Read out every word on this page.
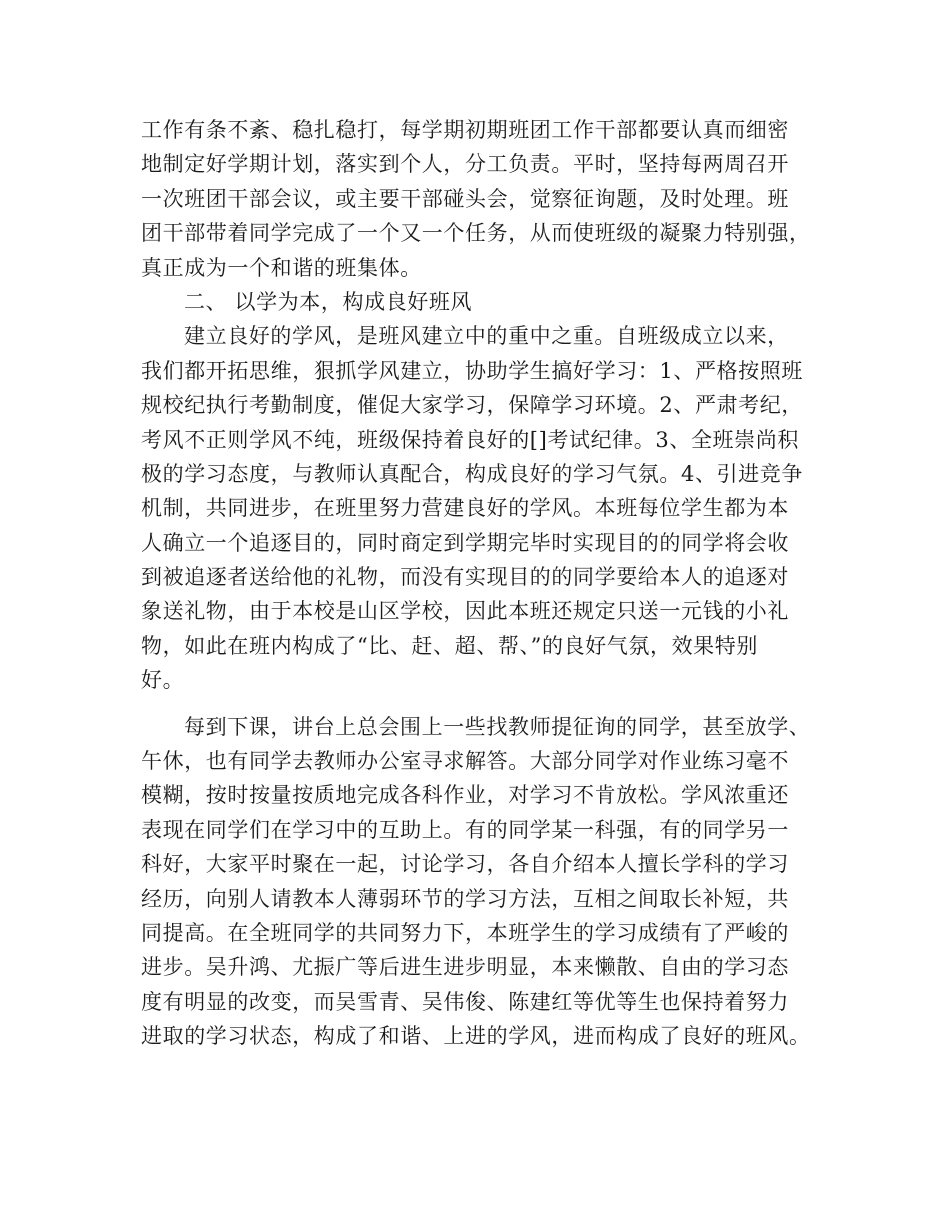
工作有条不紊、稳扎稳打，每学期初期班团工作干部都要认真而细密
地制定好学期计划，落实到个人，分工负责。平时，坚持每两周召开
一次班团干部会议，或主要干部碰头会，觉察征询题，及时处理。班
团干部带着同学完成了一个又一个任务，从而使班级的凝聚力特别强，
真正成为一个和谐的班集体。
二、 以学为本，构成良好班风
建立良好的学风，是班风建立中的重中之重。自班级成立以来，
我们都开拓思维，狠抓学风建立，协助学生搞好学习：1、严格按照班
规校纪执行考勤制度，催促大家学习，保障学习环境。2、严肃考纪，
考风不正则学风不纯，班级保持着良好的[]考试纪律。3、全班崇尚积
极的学习态度，与教师认真配合，构成良好的学习气氛。4、引进竞争
机制，共同进步，在班里努力营建良好的学风。本班每位学生都为本
人确立一个追逐目的，同时商定到学期完毕时实现目的的同学将会收
到被追逐者送给他的礼物，而没有实现目的的同学要给本人的追逐对
象送礼物，由于本校是山区学校，因此本班还规定只送一元钱的小礼
物，如此在班内构成了“比、赶、超、帮、”的良好气氛，效果特别
好。
每到下课，讲台上总会围上一些找教师提征询的同学，甚至放学、
午休，也有同学去教师办公室寻求解答。大部分同学对作业练习毫不
模糊，按时按量按质地完成各科作业，对学习不肯放松。学风浓重还
表现在同学们在学习中的互助上。有的同学某一科强，有的同学另一
科好，大家平时聚在一起，讨论学习，各自介绍本人擅长学科的学习
经历，向别人请教本人薄弱环节的学习方法，互相之间取长补短，共
同提高。在全班同学的共同努力下，本班学生的学习成绩有了严峻的
进步。吴升鸿、尤振广等后进生进步明显，本来懒散、自由的学习态
度有明显的改变，而吴雪青、吴伟俊、陈建红等优等生也保持着努力
进取的学习状态，构成了和谐、上进的学风，进而构成了良好的班风。
